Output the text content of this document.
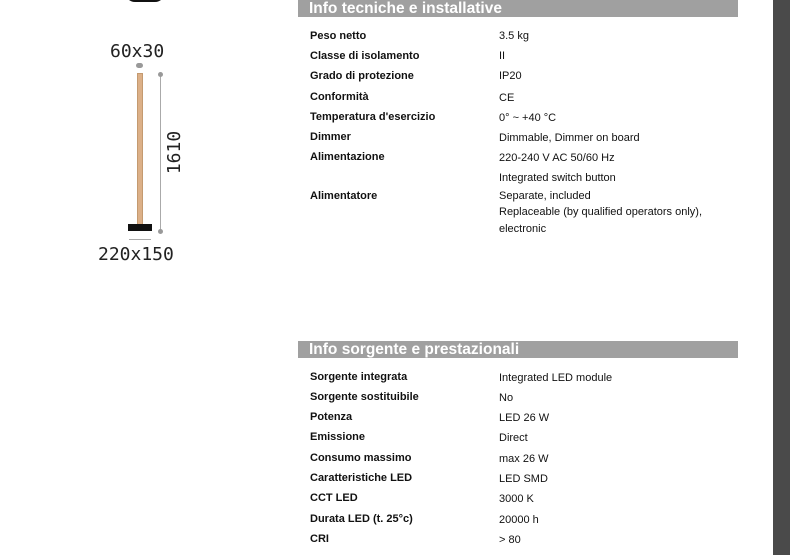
60x30
1610
220x150
Info tecniche e installative
Peso netto	3.5 kg
Classe di isolamento	II
Grado di protezione	IP20
Conformità	CE
Temperatura d'esercizio	0° ~ +40 °C
Dimmer	Dimmable, Dimmer on board
Alimentazione	220-240 V AC 50/60 Hz
Integrated switch button
Alimentatore	Separate, included
Replaceable (by qualified operators only),
electronic
Info sorgente e prestazionali
Sorgente integrata	Integrated LED module
Sorgente sostituibile	No
Potenza	LED 26 W
Emissione	Direct
Consumo massimo	max 26 W
Caratteristiche LED	LED SMD
CCT LED	3000 K
Durata LED (t. 25°c)	20000 h
CRI	> 80
